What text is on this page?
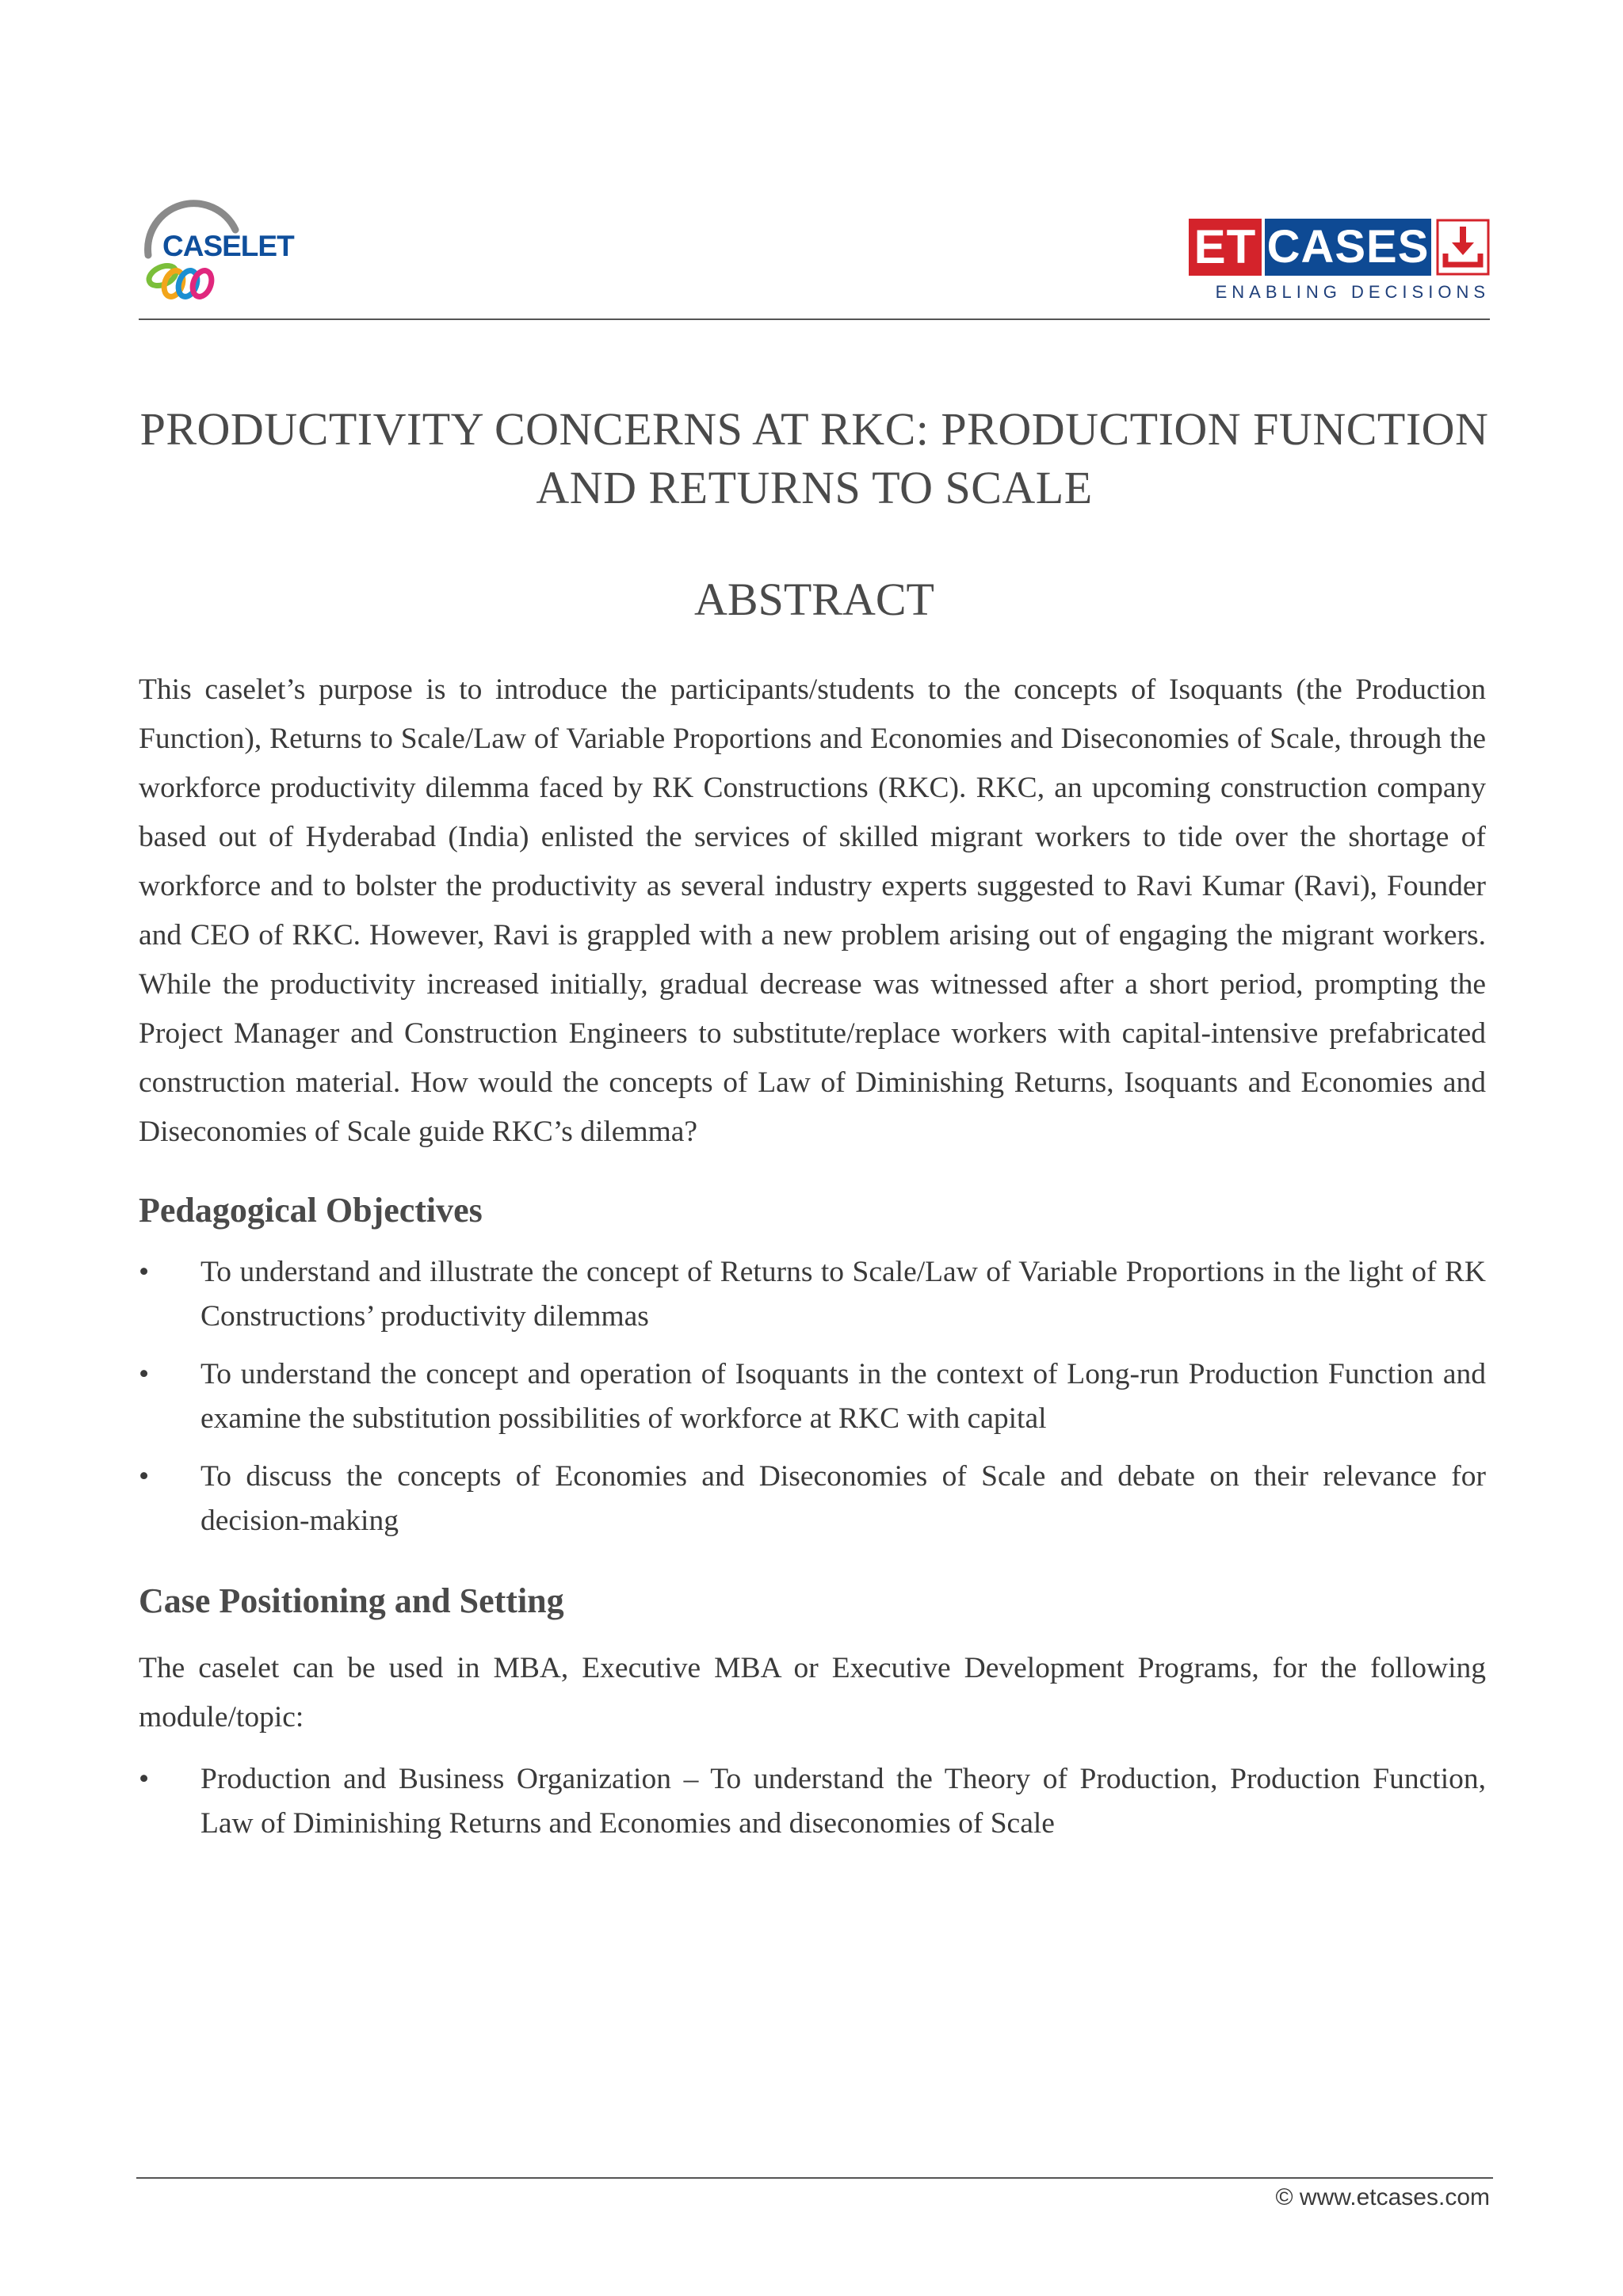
CASELET	ET CASES
ENABLING DECISIONS
PRODUCTIVITY CONCERNS AT RKC: PRODUCTION FUNCTION AND RETURNS TO SCALE
ABSTRACT
This caselet’s purpose is to introduce the participants/students to the concepts of Isoquants (the Production Function), Returns to Scale/Law of Variable Proportions and Economies and Diseconomies of Scale, through the workforce productivity dilemma faced by RK Constructions (RKC). RKC, an upcoming construction company based out of Hyderabad (India) enlisted the services of skilled migrant workers to tide over the shortage of workforce and to bolster the productivity as several industry experts suggested to Ravi Kumar (Ravi), Founder and CEO of RKC. However, Ravi is grappled with a new problem arising out of engaging the migrant workers. While the productivity increased initially, gradual decrease was witnessed after a short period, prompting the Project Manager and Construction Engineers to substitute/replace workers with capital-intensive prefabricated construction material. How would the concepts of Law of Diminishing Returns, Isoquants and Economies and Diseconomies of Scale guide RKC’s dilemma?
Pedagogical Objectives
• To understand and illustrate the concept of Returns to Scale/Law of Variable Proportions in the light of RK Constructions’ productivity dilemmas
• To understand the concept and operation of Isoquants in the context of Long-run Production Function and examine the substitution possibilities of workforce at RKC with capital
• To discuss the concepts of Economies and Diseconomies of Scale and debate on their relevance for decision-making
Case Positioning and Setting
The caselet can be used in MBA, Executive MBA or Executive Development Programs, for the following module/topic:
• Production and Business Organization – To understand the Theory of Production, Production Function, Law of Diminishing Returns and Economies and diseconomies of Scale
© www.etcases.com
